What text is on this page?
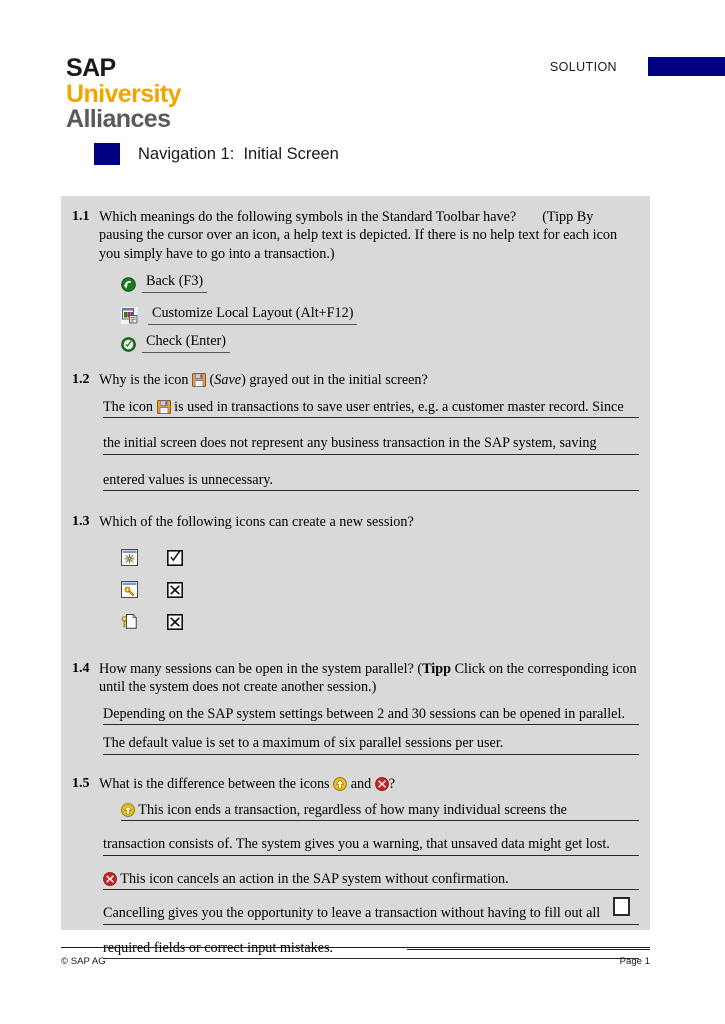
SAP
University
Alliances
SOLUTION
Navigation 1:  Initial Screen
1.1 Which meanings do the following symbols in the Standard Toolbar have? (Tipp By pausing the cursor over an icon, a help text is depicted. If there is no help text for each icon you simply have to go into a transaction.)
Back (F3)
Customize Local Layout (Alt+F12)
Check (Enter)
1.2 Why is the icon
(Save) grayed out in the initial screen?
The icon is used in transactions to save user entries, e.g. a customer master record. Since
the initial screen does not represent any business transaction in the SAP system, saving
entered values is unnecessary.
1.3 Which of the following icons can create a new session?
1.4 How many sessions can be open in the system parallel? (Tipp Click on the corresponding icon until the system does not create another session.)
Depending on the SAP system settings between 2 and 30 sessions can be opened in parallel.
The default value is set to a maximum of six parallel sessions per user.
1.5 What is the difference between the icons and ?
This icon ends a transaction, regardless of how many individual screens the
transaction consists of. The system gives you a warning, that unsaved data might get lost.
This icon cancels an action in the SAP system without confirmation.
Cancelling gives you the opportunity to leave a transaction without having to fill out all
required fields or correct input mistakes.
© SAP AG	Page 1
